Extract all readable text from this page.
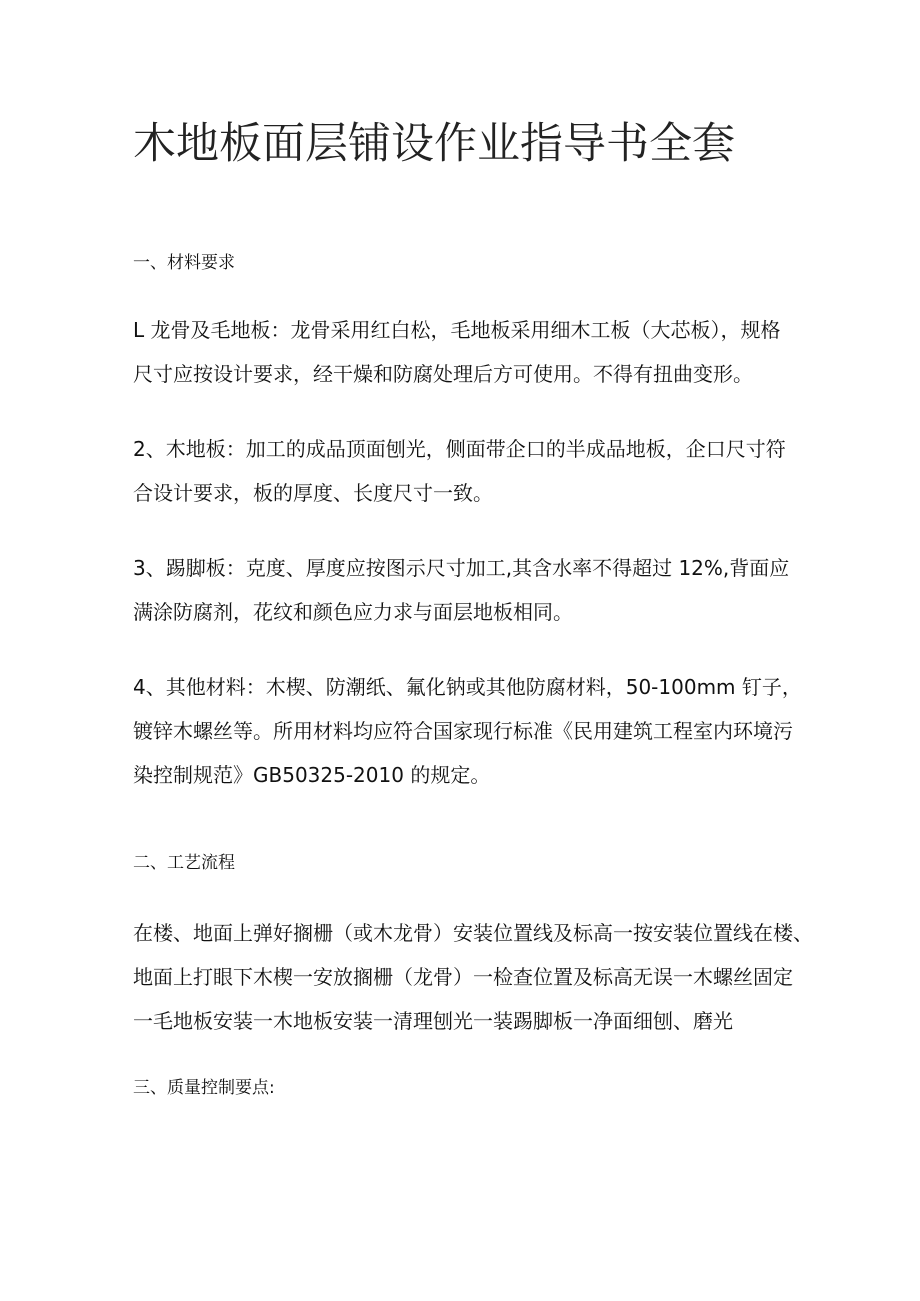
木地板面层铺设作业指导书全套
一、材料要求
L 龙骨及毛地板：龙骨采用红白松，毛地板采用细木工板（大芯板），规格
尺寸应按设计要求，经干燥和防腐处理后方可使用。不得有扭曲变形。
2、木地板：加工的成品顶面刨光，侧面带企口的半成品地板，企口尺寸符
合设计要求，板的厚度、长度尺寸一致。
3、踢脚板：克度、厚度应按图示尺寸加工,其含水率不得超过 12%,背面应
满涂防腐剂，花纹和颜色应力求与面层地板相同。
4、其他材料：木楔、防潮纸、氟化钠或其他防腐材料，50-100mm 钉子，
镀锌木螺丝等。所用材料均应符合国家现行标准《民用建筑工程室内环境污
染控制规范》GB50325-2010 的规定。
二、工艺流程
在楼、地面上弹好搁栅（或木龙骨）安装位置线及标高一按安装位置线在楼、
地面上打眼下木楔一安放搁栅（龙骨）一检查位置及标高无误一木螺丝固定
一毛地板安装一木地板安装一清理刨光一装踢脚板一净面细刨、磨光
三、质量控制要点:
